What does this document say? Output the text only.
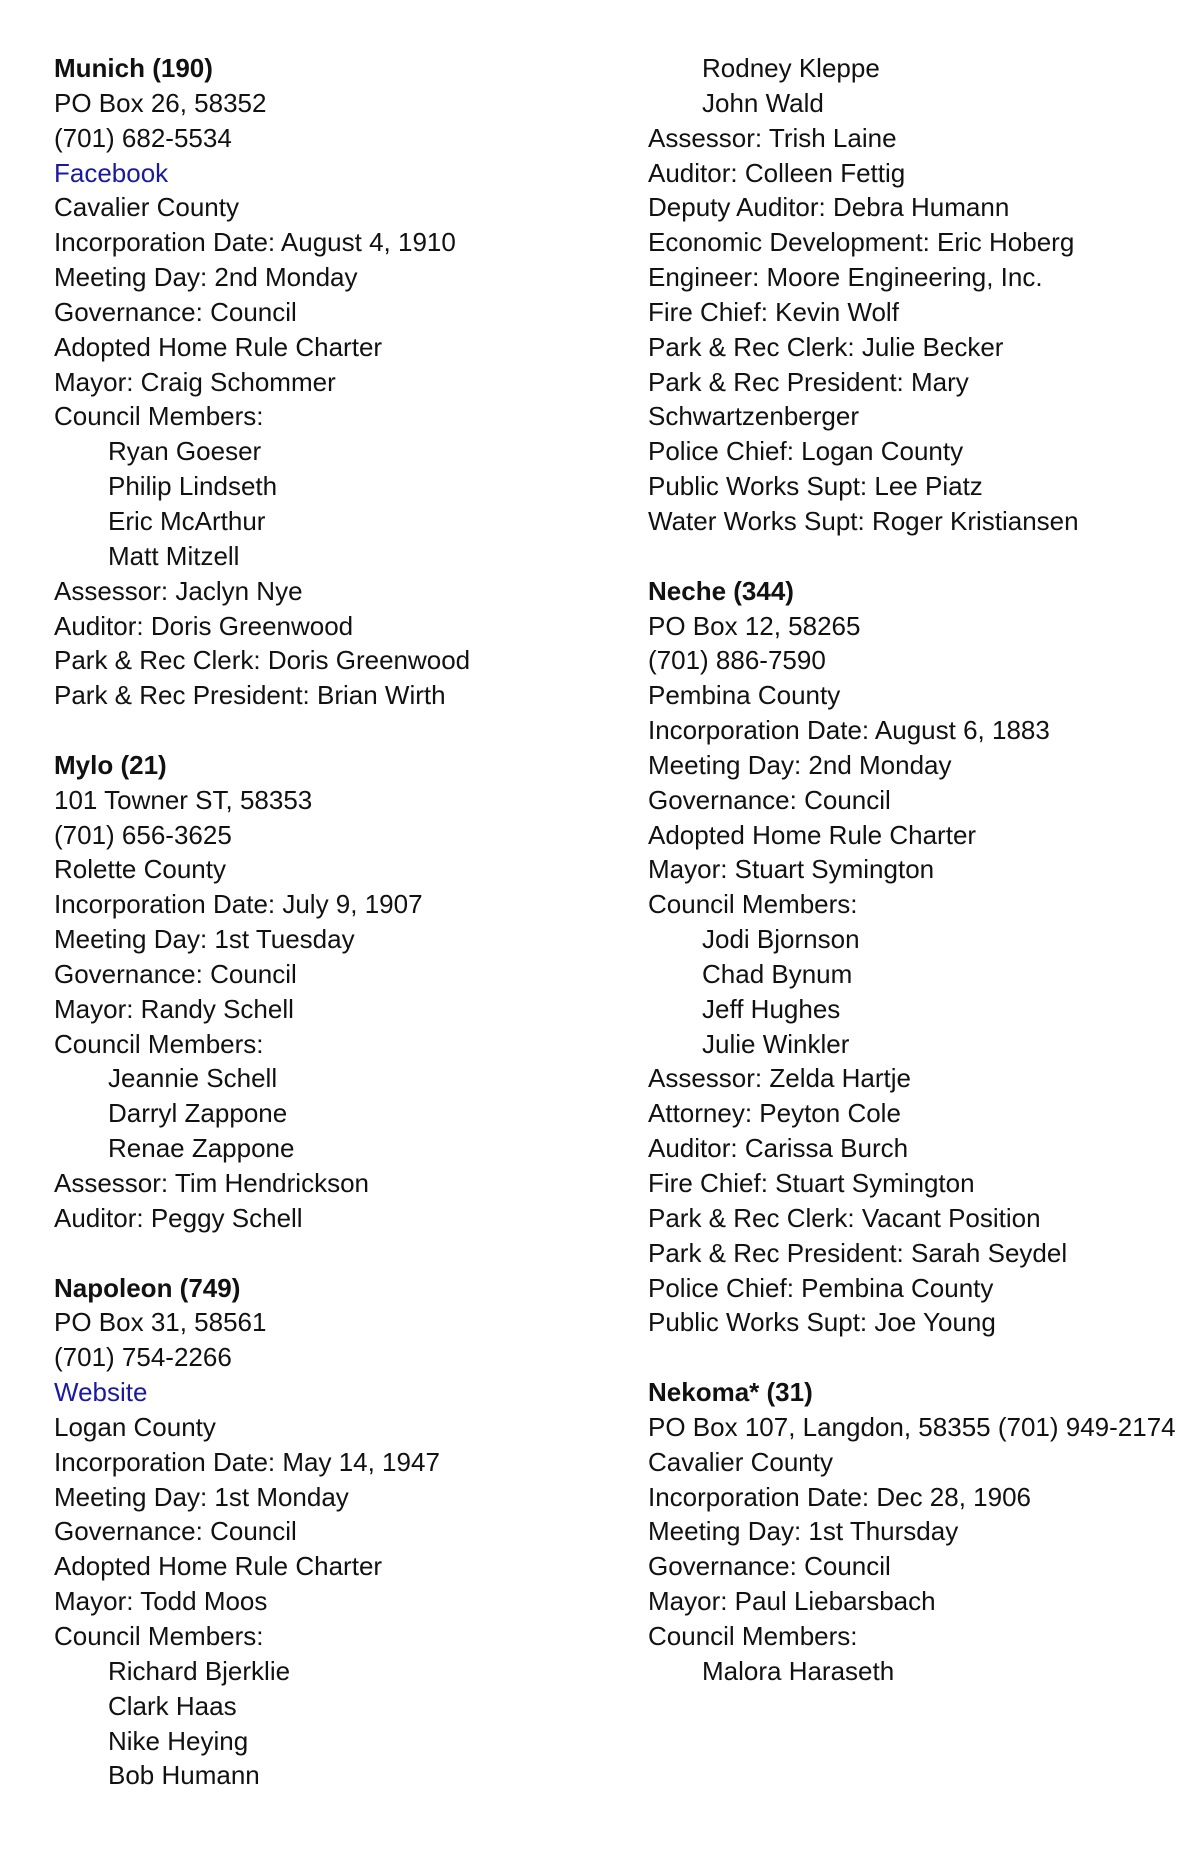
Munich (190)
PO Box 26, 58352
(701) 682-5534
Facebook
Cavalier County
Incorporation Date: August 4, 1910
Meeting Day: 2nd Monday
Governance: Council
Adopted Home Rule Charter
Mayor: Craig Schommer
Council Members:
Ryan Goeser
Philip Lindseth
Eric McArthur
Matt Mitzell
Assessor: Jaclyn Nye
Auditor: Doris Greenwood
Park & Rec Clerk: Doris Greenwood
Park & Rec President: Brian Wirth
Mylo (21)
101 Towner ST, 58353
(701) 656-3625
Rolette County
Incorporation Date: July 9, 1907
Meeting Day: 1st Tuesday
Governance: Council
Mayor: Randy Schell
Council Members:
Jeannie Schell
Darryl Zappone
Renae Zappone
Assessor: Tim Hendrickson
Auditor: Peggy Schell
Napoleon (749)
PO Box 31, 58561
(701) 754-2266
Website
Logan County
Incorporation Date: May 14, 1947
Meeting Day: 1st Monday
Governance: Council
Adopted Home Rule Charter
Mayor: Todd Moos
Council Members:
Richard Bjerklie
Clark Haas
Nike Heying
Bob Humann
Rodney Kleppe
John Wald
Assessor: Trish Laine
Auditor: Colleen Fettig
Deputy Auditor: Debra Humann
Economic Development: Eric Hoberg
Engineer: Moore Engineering, Inc.
Fire Chief: Kevin Wolf
Park & Rec Clerk: Julie Becker
Park & Rec President: Mary Schwartzenberger
Police Chief: Logan County
Public Works Supt: Lee Piatz
Water Works Supt: Roger Kristiansen
Neche (344)
PO Box 12, 58265
(701) 886-7590
Pembina County
Incorporation Date: August 6, 1883
Meeting Day: 2nd Monday
Governance: Council
Adopted Home Rule Charter
Mayor: Stuart Symington
Council Members:
Jodi Bjornson
Chad Bynum
Jeff Hughes
Julie Winkler
Assessor: Zelda Hartje
Attorney: Peyton Cole
Auditor: Carissa Burch
Fire Chief: Stuart Symington
Park & Rec Clerk: Vacant Position
Park & Rec President: Sarah Seydel
Police Chief: Pembina County
Public Works Supt: Joe Young
Nekoma* (31)
PO Box 107, Langdon, 58355 (701) 949-2174
Cavalier County
Incorporation Date: Dec 28, 1906
Meeting Day: 1st Thursday
Governance: Council
Mayor: Paul Liebarsbach
Council Members:
Malora Haraseth
